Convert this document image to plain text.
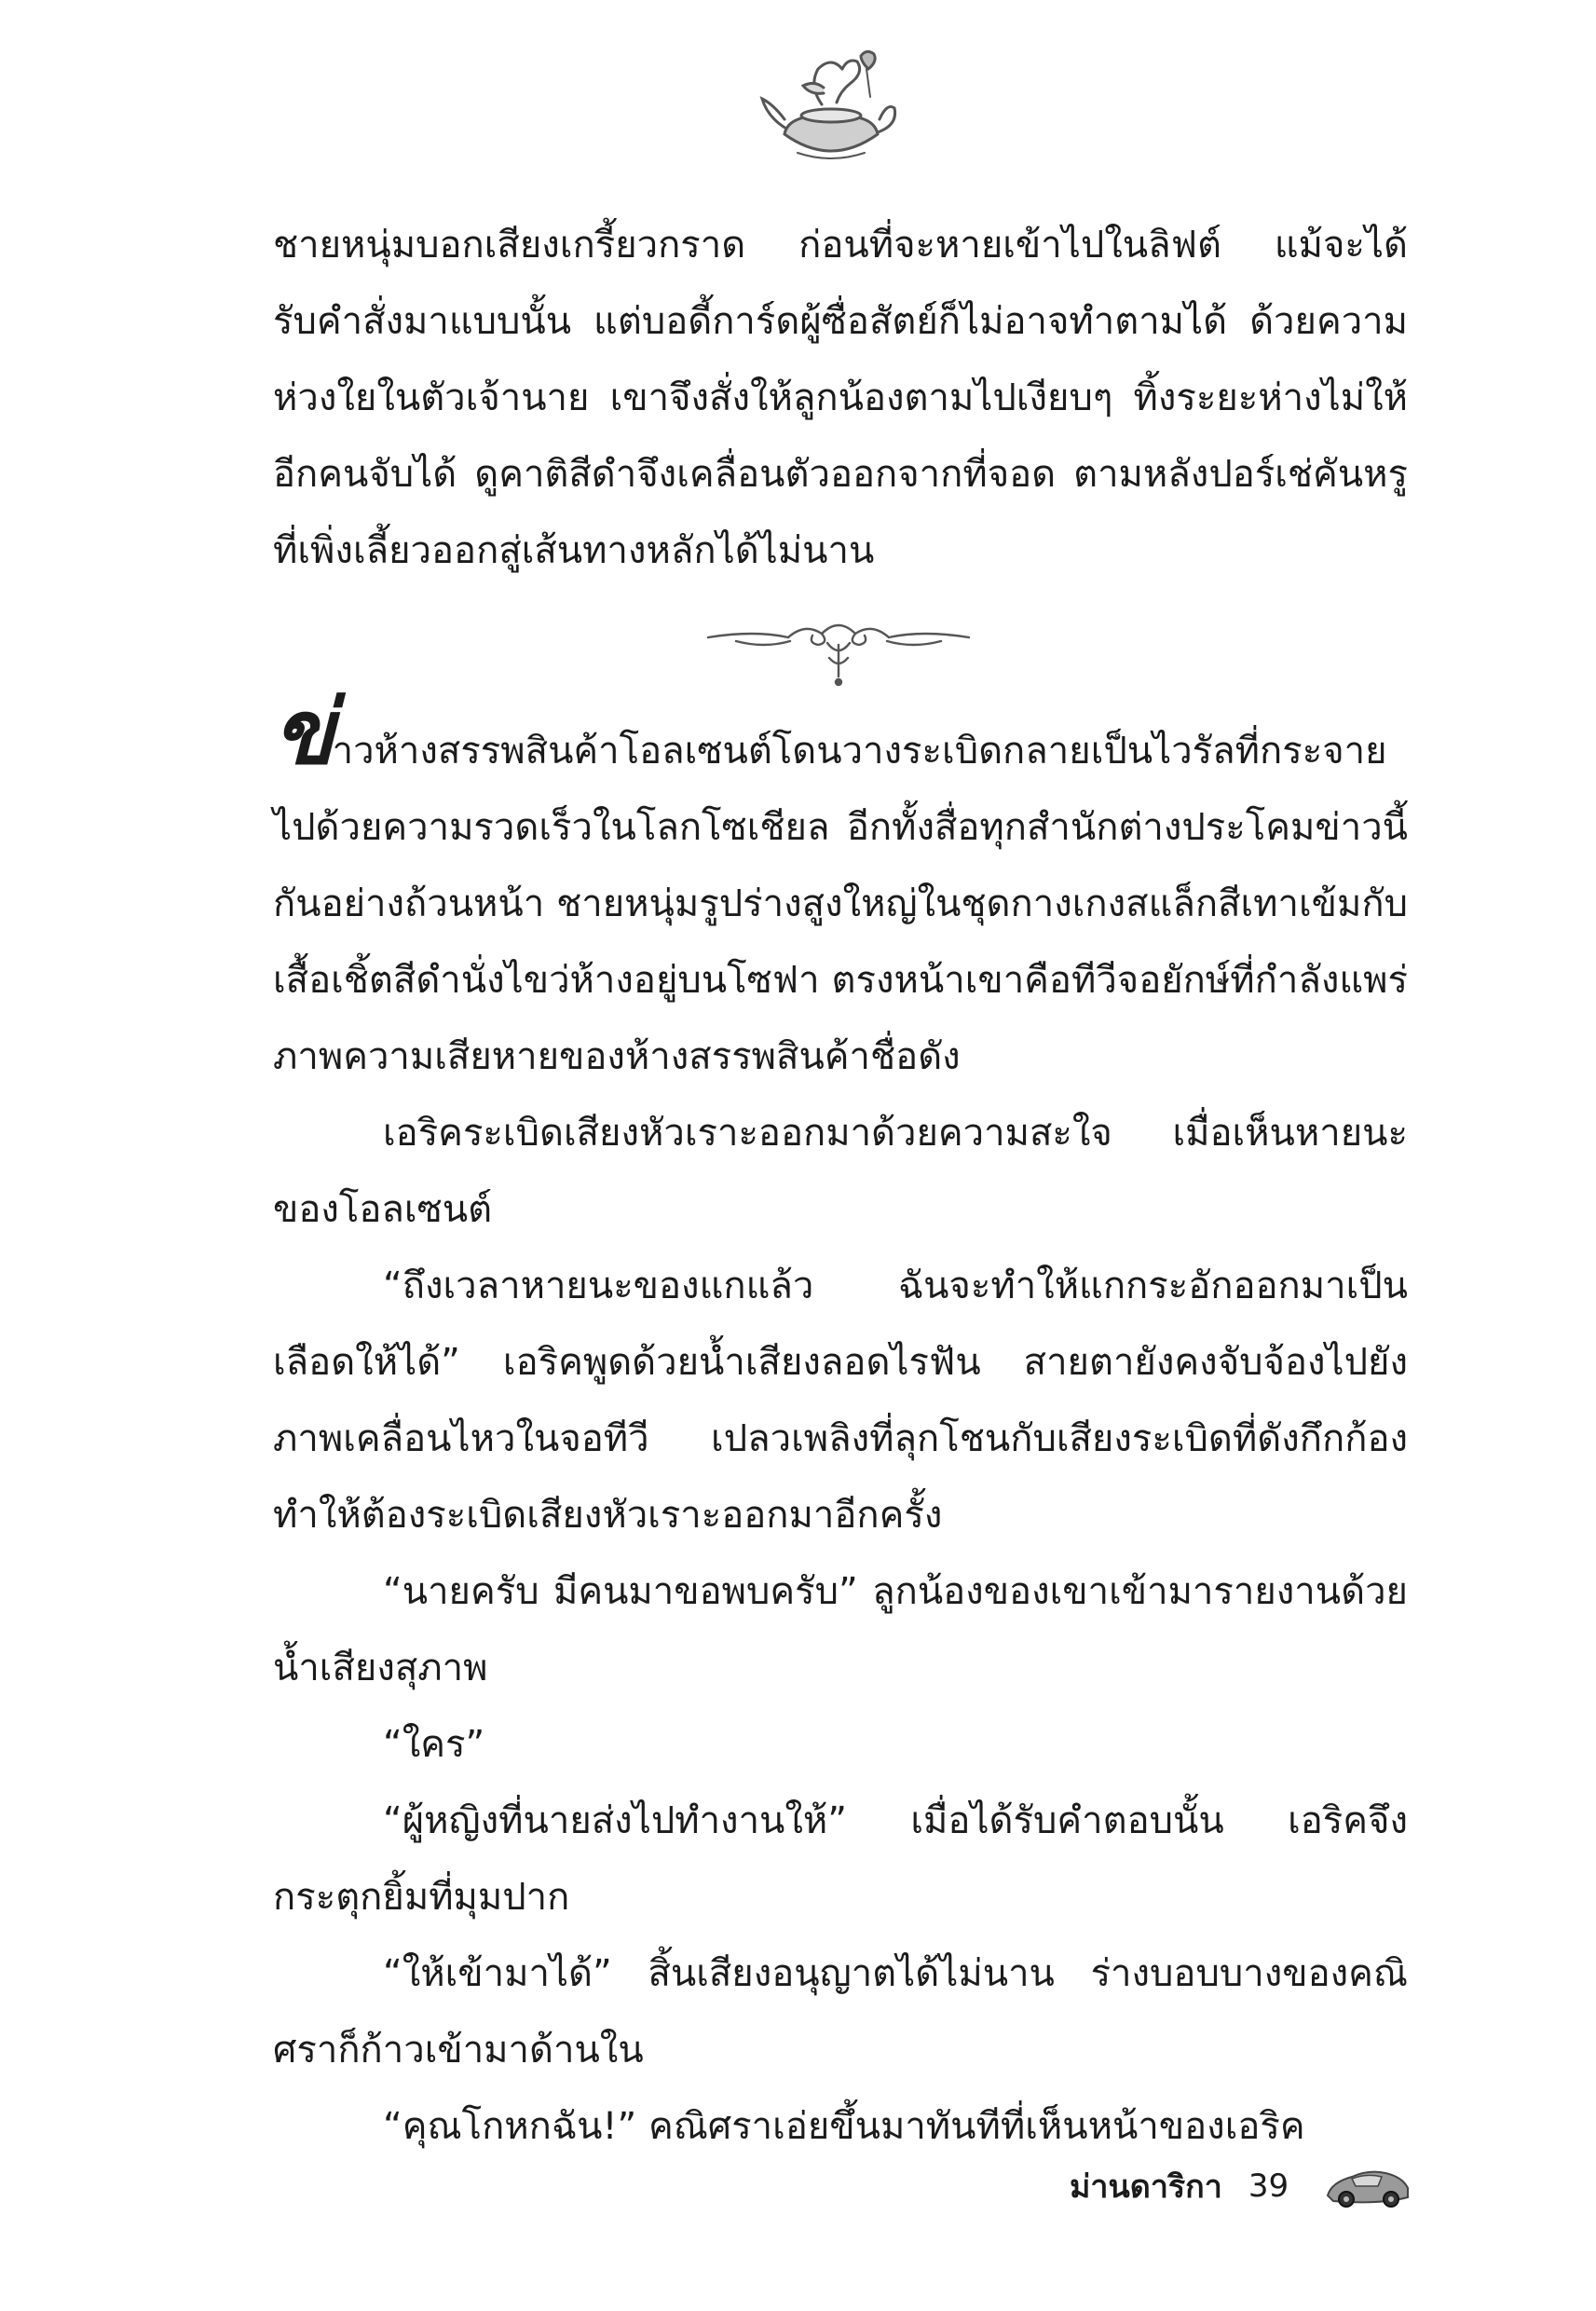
ชายหนุ่มบอกเสียงเกรี้ยวกราด ก่อนที่จะหายเข้าไปในลิฟต์ แม้จะได้รับคำสั่งมาแบบนั้น แต่บอดี้การ์ดผู้ซื่อสัตย์ก็ไม่อาจทำตามได้ ด้วยความห่วงใยในตัวเจ้านาย เขาจึงสั่งให้ลูกน้องตามไปเงียบๆ ทิ้งระยะห่างไม่ให้อีกคนจับได้ ดูคาติสีดำจึงเคลื่อนตัวออกจากที่จอด ตามหลังปอร์เช่คันหรูที่เพิ่งเลี้ยวออกสู่เส้นทางหลักได้ไม่นาน

ข่าวห้างสรรพสินค้าโอลเซนต์โดนวางระเบิดกลายเป็นไวรัลที่กระจายไปด้วยความรวดเร็วในโลกโซเชียล อีกทั้งสื่อทุกสำนักต่างประโคมข่าวนี้กันอย่างถ้วนหน้า ชายหนุ่มรูปร่างสูงใหญ่ในชุดกางเกงสแล็กสีเทาเข้มกับเสื้อเชิ้ตสีดำนั่งไขว่ห้างอยู่บนโซฟา ตรงหน้าเขาคือทีวีจอยักษ์ที่กำลังแพร่ภาพความเสียหายของห้างสรรพสินค้าชื่อดัง

เอริคระเบิดเสียงหัวเราะออกมาด้วยความสะใจ เมื่อเห็นหายนะของโอลเซนต์

“ถึงเวลาหายนะของแกแล้ว ฉันจะทำให้แกกระอักออกมาเป็นเลือดให้ได้” เอริคพูดด้วยน้ำเสียงลอดไรฟัน สายตายังคงจับจ้องไปยังภาพเคลื่อนไหวในจอทีวี เปลวเพลิงที่ลุกโชนกับเสียงระเบิดที่ดังกึกก้อง ทำให้ต้องระเบิดเสียงหัวเราะออกมาอีกครั้ง

“นายครับ มีคนมาขอพบครับ” ลูกน้องของเขาเข้ามารายงานด้วยน้ำเสียงสุภาพ

“ใคร”

“ผู้หญิงที่นายส่งไปทำงานให้” เมื่อได้รับคำตอบนั้น เอริคจึงกระตุกยิ้มที่มุมปาก

“ให้เข้ามาได้” สิ้นเสียงอนุญาตได้ไม่นาน ร่างบอบบางของคณิศราก็ก้าวเข้ามาด้านใน

“คุณโกหกฉัน!” คณิศราเอ่ยขึ้นมาทันทีที่เห็นหน้าของเอริค

ม่านดาริกา 39
